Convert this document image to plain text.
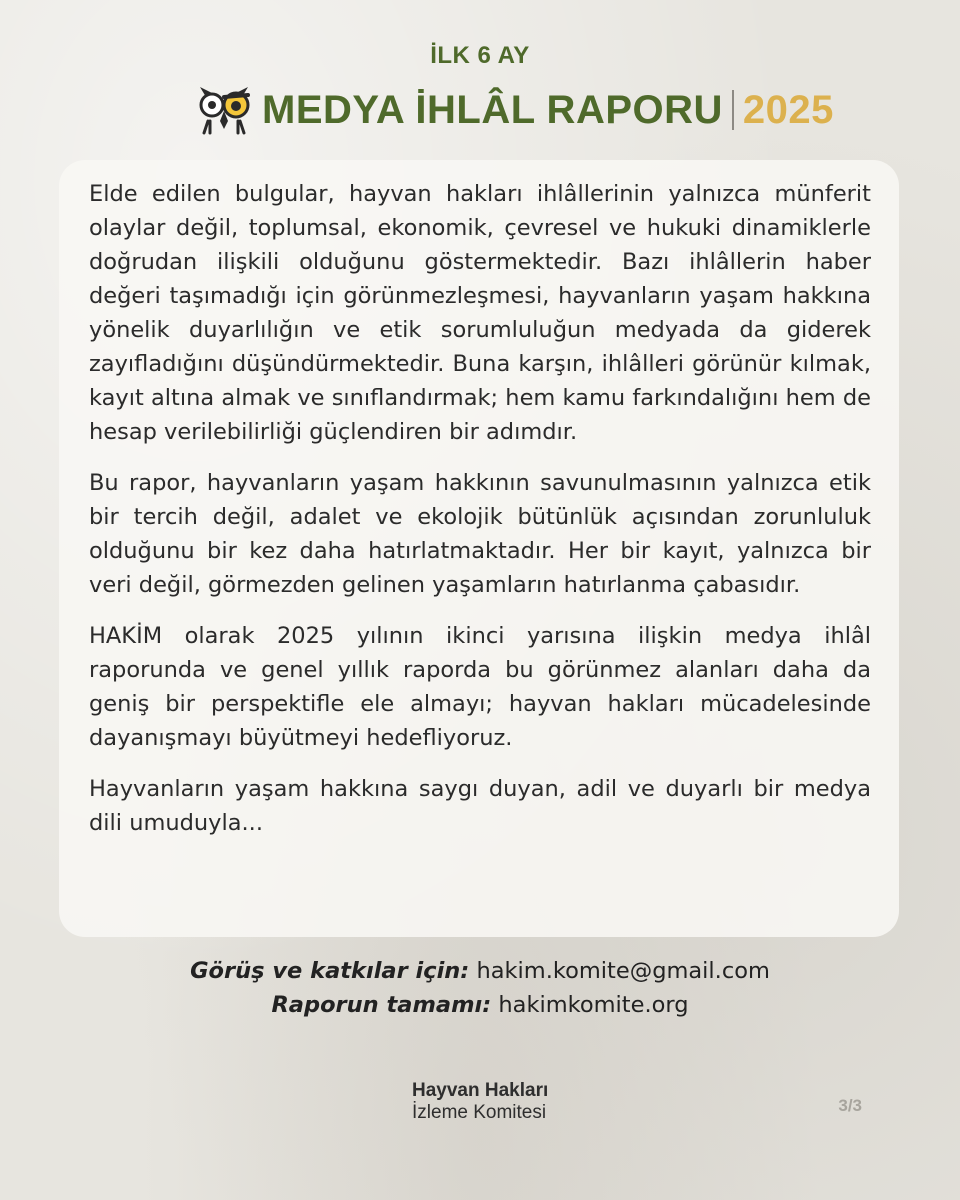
İLK 6 AY
MEDYA İHLÂL RAPORU 2025

Elde edilen bulgular, hayvan hakları ihlâllerinin yalnızca münferit olaylar değil, toplumsal, ekonomik, çevresel ve hukuki dinamiklerle doğrudan ilişkili olduğunu göstermektedir. Bazı ihlâllerin haber değeri taşımadığı için görünmezleşmesi, hayvanların yaşam hakkına yönelik duyarlılığın ve etik sorumluluğun medyada da giderek zayıfladığını düşündürmektedir. Buna karşın, ihlâlleri görünür kılmak, kayıt altına almak ve sınıflandırmak; hem kamu farkındalığını hem de hesap verilebilirliği güçlendiren bir adımdır.

Bu rapor, hayvanların yaşam hakkının savunulmasının yalnızca etik bir tercih değil, adalet ve ekolojik bütünlük açısından zorunluluk olduğunu bir kez daha hatırlatmaktadır. Her bir kayıt, yalnızca bir veri değil, görmezden gelinen yaşamların hatırlanma çabasıdır.

HAKİM olarak 2025 yılının ikinci yarısına ilişkin medya ihlâl raporunda ve genel yıllık raporda bu görünmez alanları daha da geniş bir perspektifle ele almayı; hayvan hakları mücadelesinde dayanışmayı büyütmeyi hedefliyoruz.

Hayvanların yaşam hakkına saygı duyan, adil ve duyarlı bir medya dili umuduyla...

Görüş ve katkılar için: hakim.komite@gmail.com
Raporun tamamı: hakimkomite.org
Hayvan Hakları
İzleme Komitesi	3/3
